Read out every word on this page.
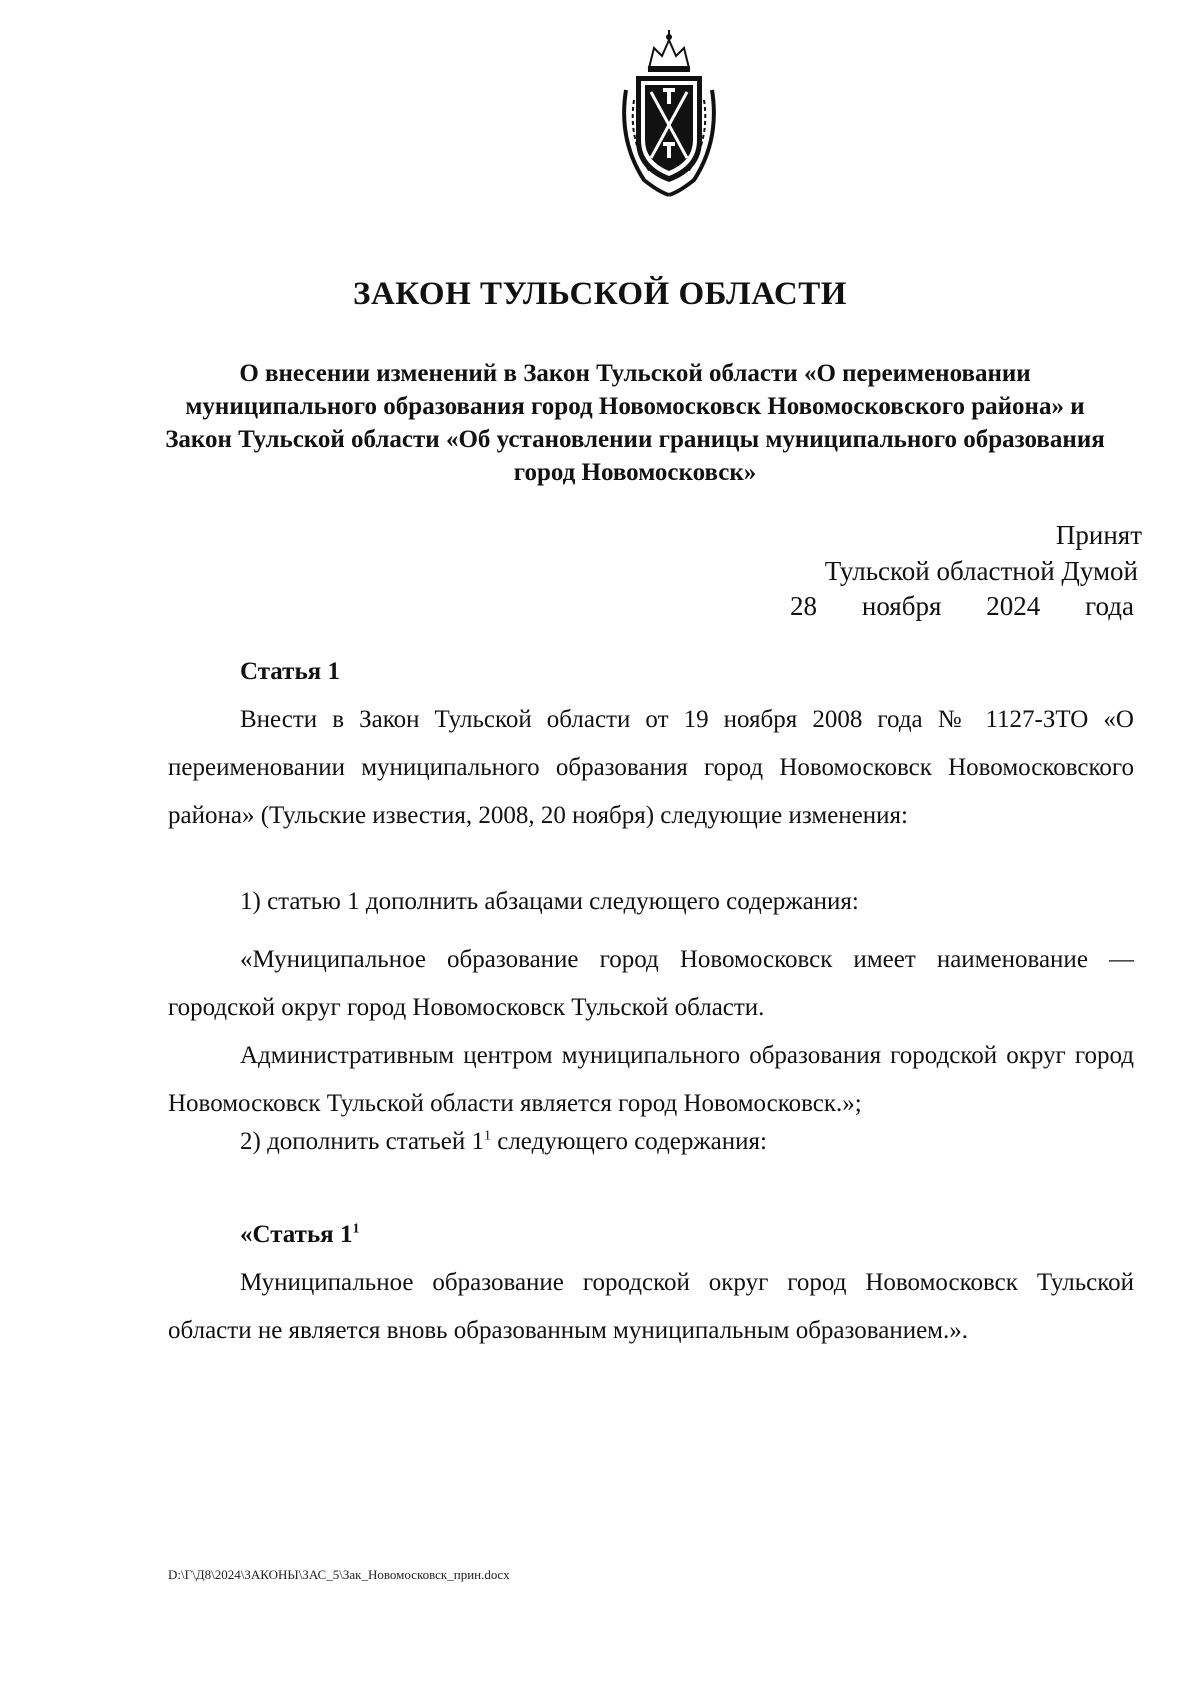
ЗАКОН ТУЛЬСКОЙ ОБЛАСТИ
О внесении изменений в Закон Тульской области «О переименовании муниципального образования город Новомосковск Новомосковского района» и Закон Тульской области «Об установлении границы муниципального образования город Новомосковск»
Принят
Тульской областной Думой
28 ноября 2024 года
Статья 1
Внести в Закон Тульской области от 19 ноября 2008 года № 1127-ЗТО «О переименовании муниципального образования город Новомосковск Новомосковского района» (Тульские известия, 2008, 20 ноября) следующие изменения:
1) статью 1 дополнить абзацами следующего содержания:
«Муниципальное образование город Новомосковск имеет наименование — городской округ город Новомосковск Тульской области.
Административным центром муниципального образования городской округ город Новомосковск Тульской области является город Новомосковск.»;
2) дополнить статьей $1^1$ следующего содержания:
«Статья $1^1$
Муниципальное образование городской округ город Новомосковск Тульской области не является вновь образованным муниципальным образованием.».
D:\Г\Д8\2024\ЗАКОНЫ\ЗАС_5\Зак_Новомосковск_прин.docx
